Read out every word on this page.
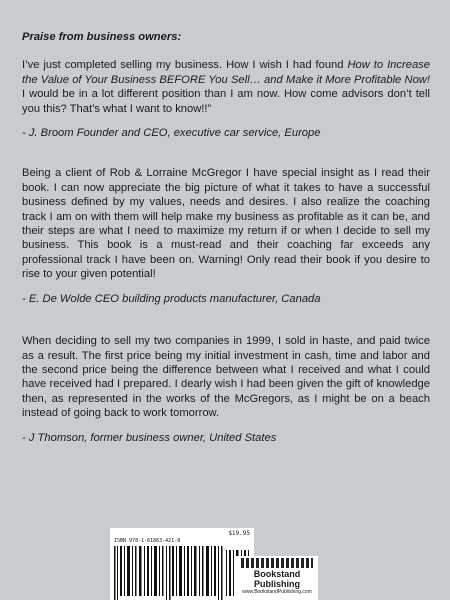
Praise from business owners:

I’ve just completed selling my business. How I wish I had found How to Increase the Value of Your Business BEFORE You Sell… and Make it More Profitable Now! I would be in a lot different position than I am now. How come advisors don’t tell you this? That’s what I want to know!!”

- J. Broom Founder and CEO, executive car service, Europe

Being a client of Rob & Lorraine McGregor I have special insight as I read their book. I can now appreciate the big picture of what it takes to have a successful business defined by my values, needs and desires. I also realize the coaching track I am on with them will help make my business as profitable as it can be, and their steps are what I need to maximize my return if or when I decide to sell my business. This book is a must-read and their coaching far exceeds any professional track I have been on. Warning! Only read their book if you desire to rise to your given potential!

- E. De Wolde CEO building products manufacturer, Canada

When deciding to sell my two companies in 1999, I sold in haste, and paid twice as a result. The first price being my initial investment in cash, time and labor and the second price being the difference between what I received and what I could have received had I prepared. I dearly wish I had been given the gift of knowledge then, as represented in the works of the McGregors, as I might be on a beach instead of going back to work tomorrow.

- J Thomson, former business owner, United States

$19.95
ISBN 978-1-61863-421-8
Bookstand
Publishing
www.BookstandPublishing.com
